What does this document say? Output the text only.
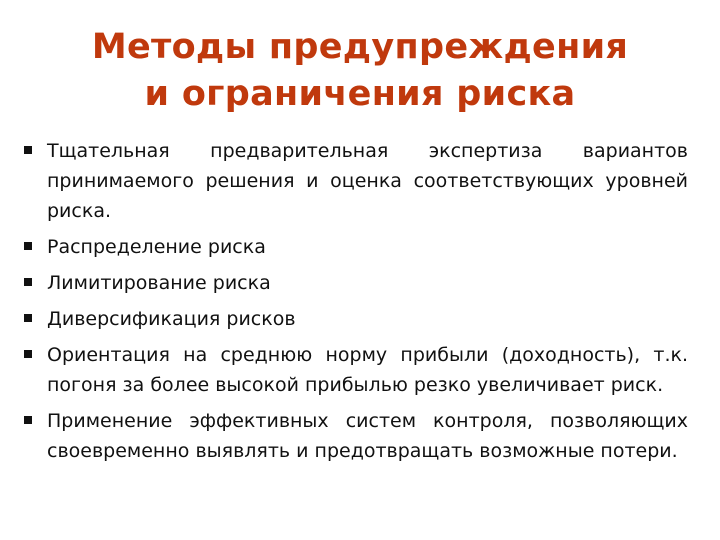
Методы предупреждения
и ограничения риска
Тщательная предварительная экспертиза вариантов принимаемого решения и оценка соответствующих уровней риска.
Распределение риска
Лимитирование риска
Диверсификация рисков
Ориентация на среднюю норму прибыли (доходность), т.к. погоня за более высокой прибылью резко увеличивает риск.
Применение эффективных систем контроля, позволяющих своевременно выявлять и предотвращать возможные потери.
